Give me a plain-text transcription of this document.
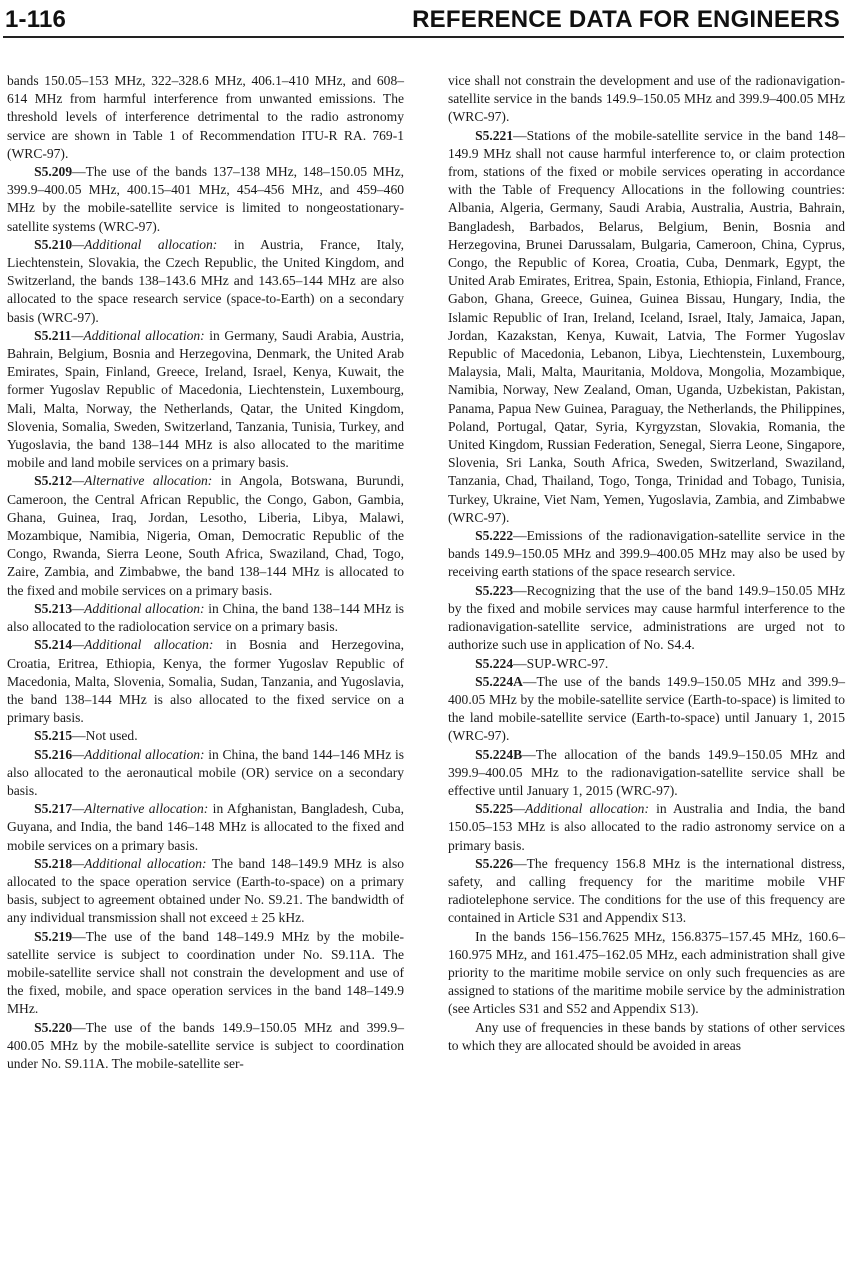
1-116	REFERENCE DATA FOR ENGINEERS

bands 150.05–153 MHz, 322–328.6 MHz, 406.1–410 MHz, and 608–614 MHz from harmful interference from unwanted emissions. The threshold levels of interference detrimental to the radio astronomy service are shown in Table 1 of Recommendation ITU-R RA. 769-1 (WRC-97).

S5.209—The use of the bands 137–138 MHz, 148–150.05 MHz, 399.9–400.05 MHz, 400.15–401 MHz, 454–456 MHz, and 459–460 MHz by the mobile-satellite service is limited to nongeostationary-satellite systems (WRC-97).

S5.210—Additional allocation: in Austria, France, Italy, Liechtenstein, Slovakia, the Czech Republic, the United Kingdom, and Switzerland, the bands 138–143.6 MHz and 143.65–144 MHz are also allocated to the space research service (space-to-Earth) on a secondary basis (WRC-97).

S5.211—Additional allocation: in Germany, Saudi Arabia, Austria, Bahrain, Belgium, Bosnia and Herzegovina, Denmark, the United Arab Emirates, Spain, Finland, Greece, Ireland, Israel, Kenya, Kuwait, the former Yugoslav Republic of Macedonia, Liechtenstein, Luxembourg, Mali, Malta, Norway, the Netherlands, Qatar, the United Kingdom, Slovenia, Somalia, Sweden, Switzerland, Tanzania, Tunisia, Turkey, and Yugoslavia, the band 138–144 MHz is also allocated to the maritime mobile and land mobile services on a primary basis.

S5.212—Alternative allocation: in Angola, Botswana, Burundi, Cameroon, the Central African Republic, the Congo, Gabon, Gambia, Ghana, Guinea, Iraq, Jordan, Lesotho, Liberia, Libya, Malawi, Mozambique, Namibia, Nigeria, Oman, Democratic Republic of the Congo, Rwanda, Sierra Leone, South Africa, Swaziland, Chad, Togo, Zaire, Zambia, and Zimbabwe, the band 138–144 MHz is allocated to the fixed and mobile services on a primary basis.

S5.213—Additional allocation: in China, the band 138–144 MHz is also allocated to the radiolocation service on a primary basis.

S5.214—Additional allocation: in Bosnia and Herzegovina, Croatia, Eritrea, Ethiopia, Kenya, the former Yugoslav Republic of Macedonia, Malta, Slovenia, Somalia, Sudan, Tanzania, and Yugoslavia, the band 138–144 MHz is also allocated to the fixed service on a primary basis.

S5.215—Not used.

S5.216—Additional allocation: in China, the band 144–146 MHz is also allocated to the aeronautical mobile (OR) service on a secondary basis.

S5.217—Alternative allocation: in Afghanistan, Bangladesh, Cuba, Guyana, and India, the band 146–148 MHz is allocated to the fixed and mobile services on a primary basis.

S5.218—Additional allocation: The band 148–149.9 MHz is also allocated to the space operation service (Earth-to-space) on a primary basis, subject to agreement obtained under No. S9.21. The bandwidth of any individual transmission shall not exceed ± 25 kHz.

S5.219—The use of the band 148–149.9 MHz by the mobile-satellite service is subject to coordination under No. S9.11A. The mobile-satellite service shall not constrain the development and use of the fixed, mobile, and space operation services in the band 148–149.9 MHz.

S5.220—The use of the bands 149.9–150.05 MHz and 399.9–400.05 MHz by the mobile-satellite service is subject to coordination under No. S9.11A. The mobile-satellite ser-

vice shall not constrain the development and use of the radionavigation-satellite service in the bands 149.9–150.05 MHz and 399.9–400.05 MHz (WRC-97).

S5.221—Stations of the mobile-satellite service in the band 148–149.9 MHz shall not cause harmful interference to, or claim protection from, stations of the fixed or mobile services operating in accordance with the Table of Frequency Allocations in the following countries: Albania, Algeria, Germany, Saudi Arabia, Australia, Austria, Bahrain, Bangladesh, Barbados, Belarus, Belgium, Benin, Bosnia and Herzegovina, Brunei Darussalam, Bulgaria, Cameroon, China, Cyprus, Congo, the Republic of Korea, Croatia, Cuba, Denmark, Egypt, the United Arab Emirates, Eritrea, Spain, Estonia, Ethiopia, Finland, France, Gabon, Ghana, Greece, Guinea, Guinea Bissau, Hungary, India, the Islamic Republic of Iran, Ireland, Iceland, Israel, Italy, Jamaica, Japan, Jordan, Kazakstan, Kenya, Kuwait, Latvia, The Former Yugoslav Republic of Macedonia, Lebanon, Libya, Liechtenstein, Luxembourg, Malaysia, Mali, Malta, Mauritania, Moldova, Mongolia, Mozambique, Namibia, Norway, New Zealand, Oman, Uganda, Uzbekistan, Pakistan, Panama, Papua New Guinea, Paraguay, the Netherlands, the Philippines, Poland, Portugal, Qatar, Syria, Kyrgyzstan, Slovakia, Romania, the United Kingdom, Russian Federation, Senegal, Sierra Leone, Singapore, Slovenia, Sri Lanka, South Africa, Sweden, Switzerland, Swaziland, Tanzania, Chad, Thailand, Togo, Tonga, Trinidad and Tobago, Tunisia, Turkey, Ukraine, Viet Nam, Yemen, Yugoslavia, Zambia, and Zimbabwe (WRC-97).

S5.222—Emissions of the radionavigation-satellite service in the bands 149.9–150.05 MHz and 399.9–400.05 MHz may also be used by receiving earth stations of the space research service.

S5.223—Recognizing that the use of the band 149.9–150.05 MHz by the fixed and mobile services may cause harmful interference to the radionavigation-satellite service, administrations are urged not to authorize such use in application of No. S4.4.

S5.224—SUP-WRC-97.

S5.224A—The use of the bands 149.9–150.05 MHz and 399.9–400.05 MHz by the mobile-satellite service (Earth-to-space) is limited to the land mobile-satellite service (Earth-to-space) until January 1, 2015 (WRC-97).

S5.224B—The allocation of the bands 149.9–150.05 MHz and 399.9–400.05 MHz to the radionavigation-satellite service shall be effective until January 1, 2015 (WRC-97).

S5.225—Additional allocation: in Australia and India, the band 150.05–153 MHz is also allocated to the radio astronomy service on a primary basis.

S5.226—The frequency 156.8 MHz is the international distress, safety, and calling frequency for the maritime mobile VHF radiotelephone service. The conditions for the use of this frequency are contained in Article S31 and Appendix S13.

In the bands 156–156.7625 MHz, 156.8375–157.45 MHz, 160.6–160.975 MHz, and 161.475–162.05 MHz, each administration shall give priority to the maritime mobile service on only such frequencies as are assigned to stations of the maritime mobile service by the administration (see Articles S31 and S52 and Appendix S13).

Any use of frequencies in these bands by stations of other services to which they are allocated should be avoided in areas
